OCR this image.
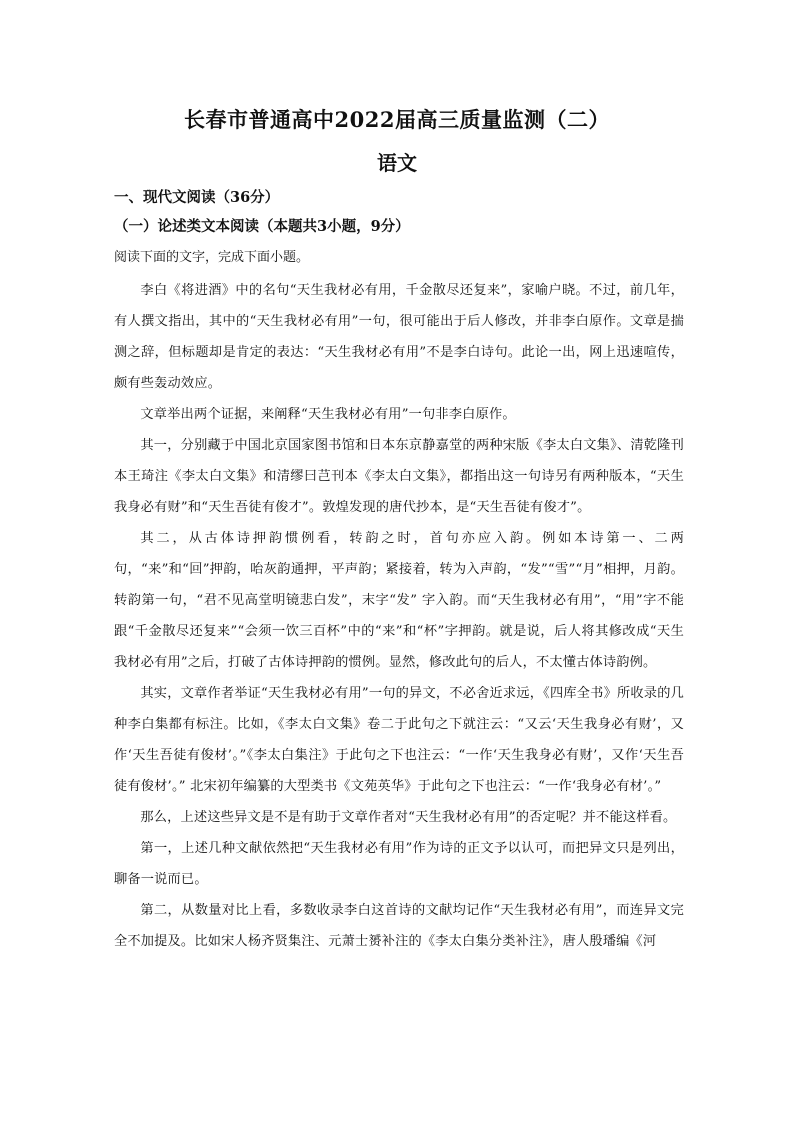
长春市普通高中2022届高三质量监测（二）
语文
一、现代文阅读（36分）
（一）论述类文本阅读（本题共3小题，9分）
阅读下面的文字，完成下面小题。

李白《将进酒》中的名句“天生我材必有用，千金散尽还复来”，家喻户晓。不过，前几年，有人撰文指出，其中的“天生我材必有用”一句，很可能出于后人修改，并非李白原作。文章是揣测之辞，但标题却是肯定的表达：“天生我材必有用”不是李白诗句。此论一出，网上迅速喧传，颇有些轰动效应。

文章举出两个证据，来阐释“天生我材必有用”一句非李白原作。

其一，分别藏于中国北京国家图书馆和日本东京静嘉堂的两种宋版《李太白文集》、清乾隆刊本王琦注《李太白文集》和清缪曰芑刊本《李太白文集》，都指出这一句诗另有两种版本，“天生我身必有财”和“天生吾徒有俊才”。敦煌发现的唐代抄本，是“天生吾徒有俊才”。

其二，从古体诗押韵惯例看，转韵之时，首句亦应入韵。例如本诗第一、二两句，“来”和“回”押韵，咍灰韵通押，平声韵；紧接着，转为入声韵，“发”“雪”“月”相押，月韵。转韵第一句，“君不见高堂明镜悲白发”，末字“发” 字入韵。而“天生我材必有用”，“用”字不能跟“千金散尽还复来”“会须一饮三百杯”中的“来”和“杯”字押韵。就是说，后人将其修改成“天生我材必有用”之后，打破了古体诗押韵的惯例。显然，修改此句的后人，不太懂古体诗韵例。

其实，文章作者举证“天生我材必有用”一句的异文，不必舍近求远，《四库全书》所收录的几种李白集都有标注。比如，《李太白文集》卷二于此句之下就注云：“又云‘天生我身必有财’，又作‘天生吾徒有俊材’。”《李太白集注》于此句之下也注云：“一作‘天生我身必有财’，又作‘天生吾徒有俊材’。” 北宋初年编纂的大型类书《文苑英华》于此句之下也注云：“一作‘我身必有材’。”

那么，上述这些异文是不是有助于文章作者对“天生我材必有用”的否定呢？并不能这样看。

第一，上述几种文献依然把“天生我材必有用”作为诗的正文予以认可，而把异文只是列出，聊备一说而已。

第二，从数量对比上看，多数收录李白这首诗的文献均记作“天生我材必有用”，而连异文完全不加提及。比如宋人杨齐贤集注、元萧士赟补注的《李太白集分类补注》，唐人殷璠编《河
